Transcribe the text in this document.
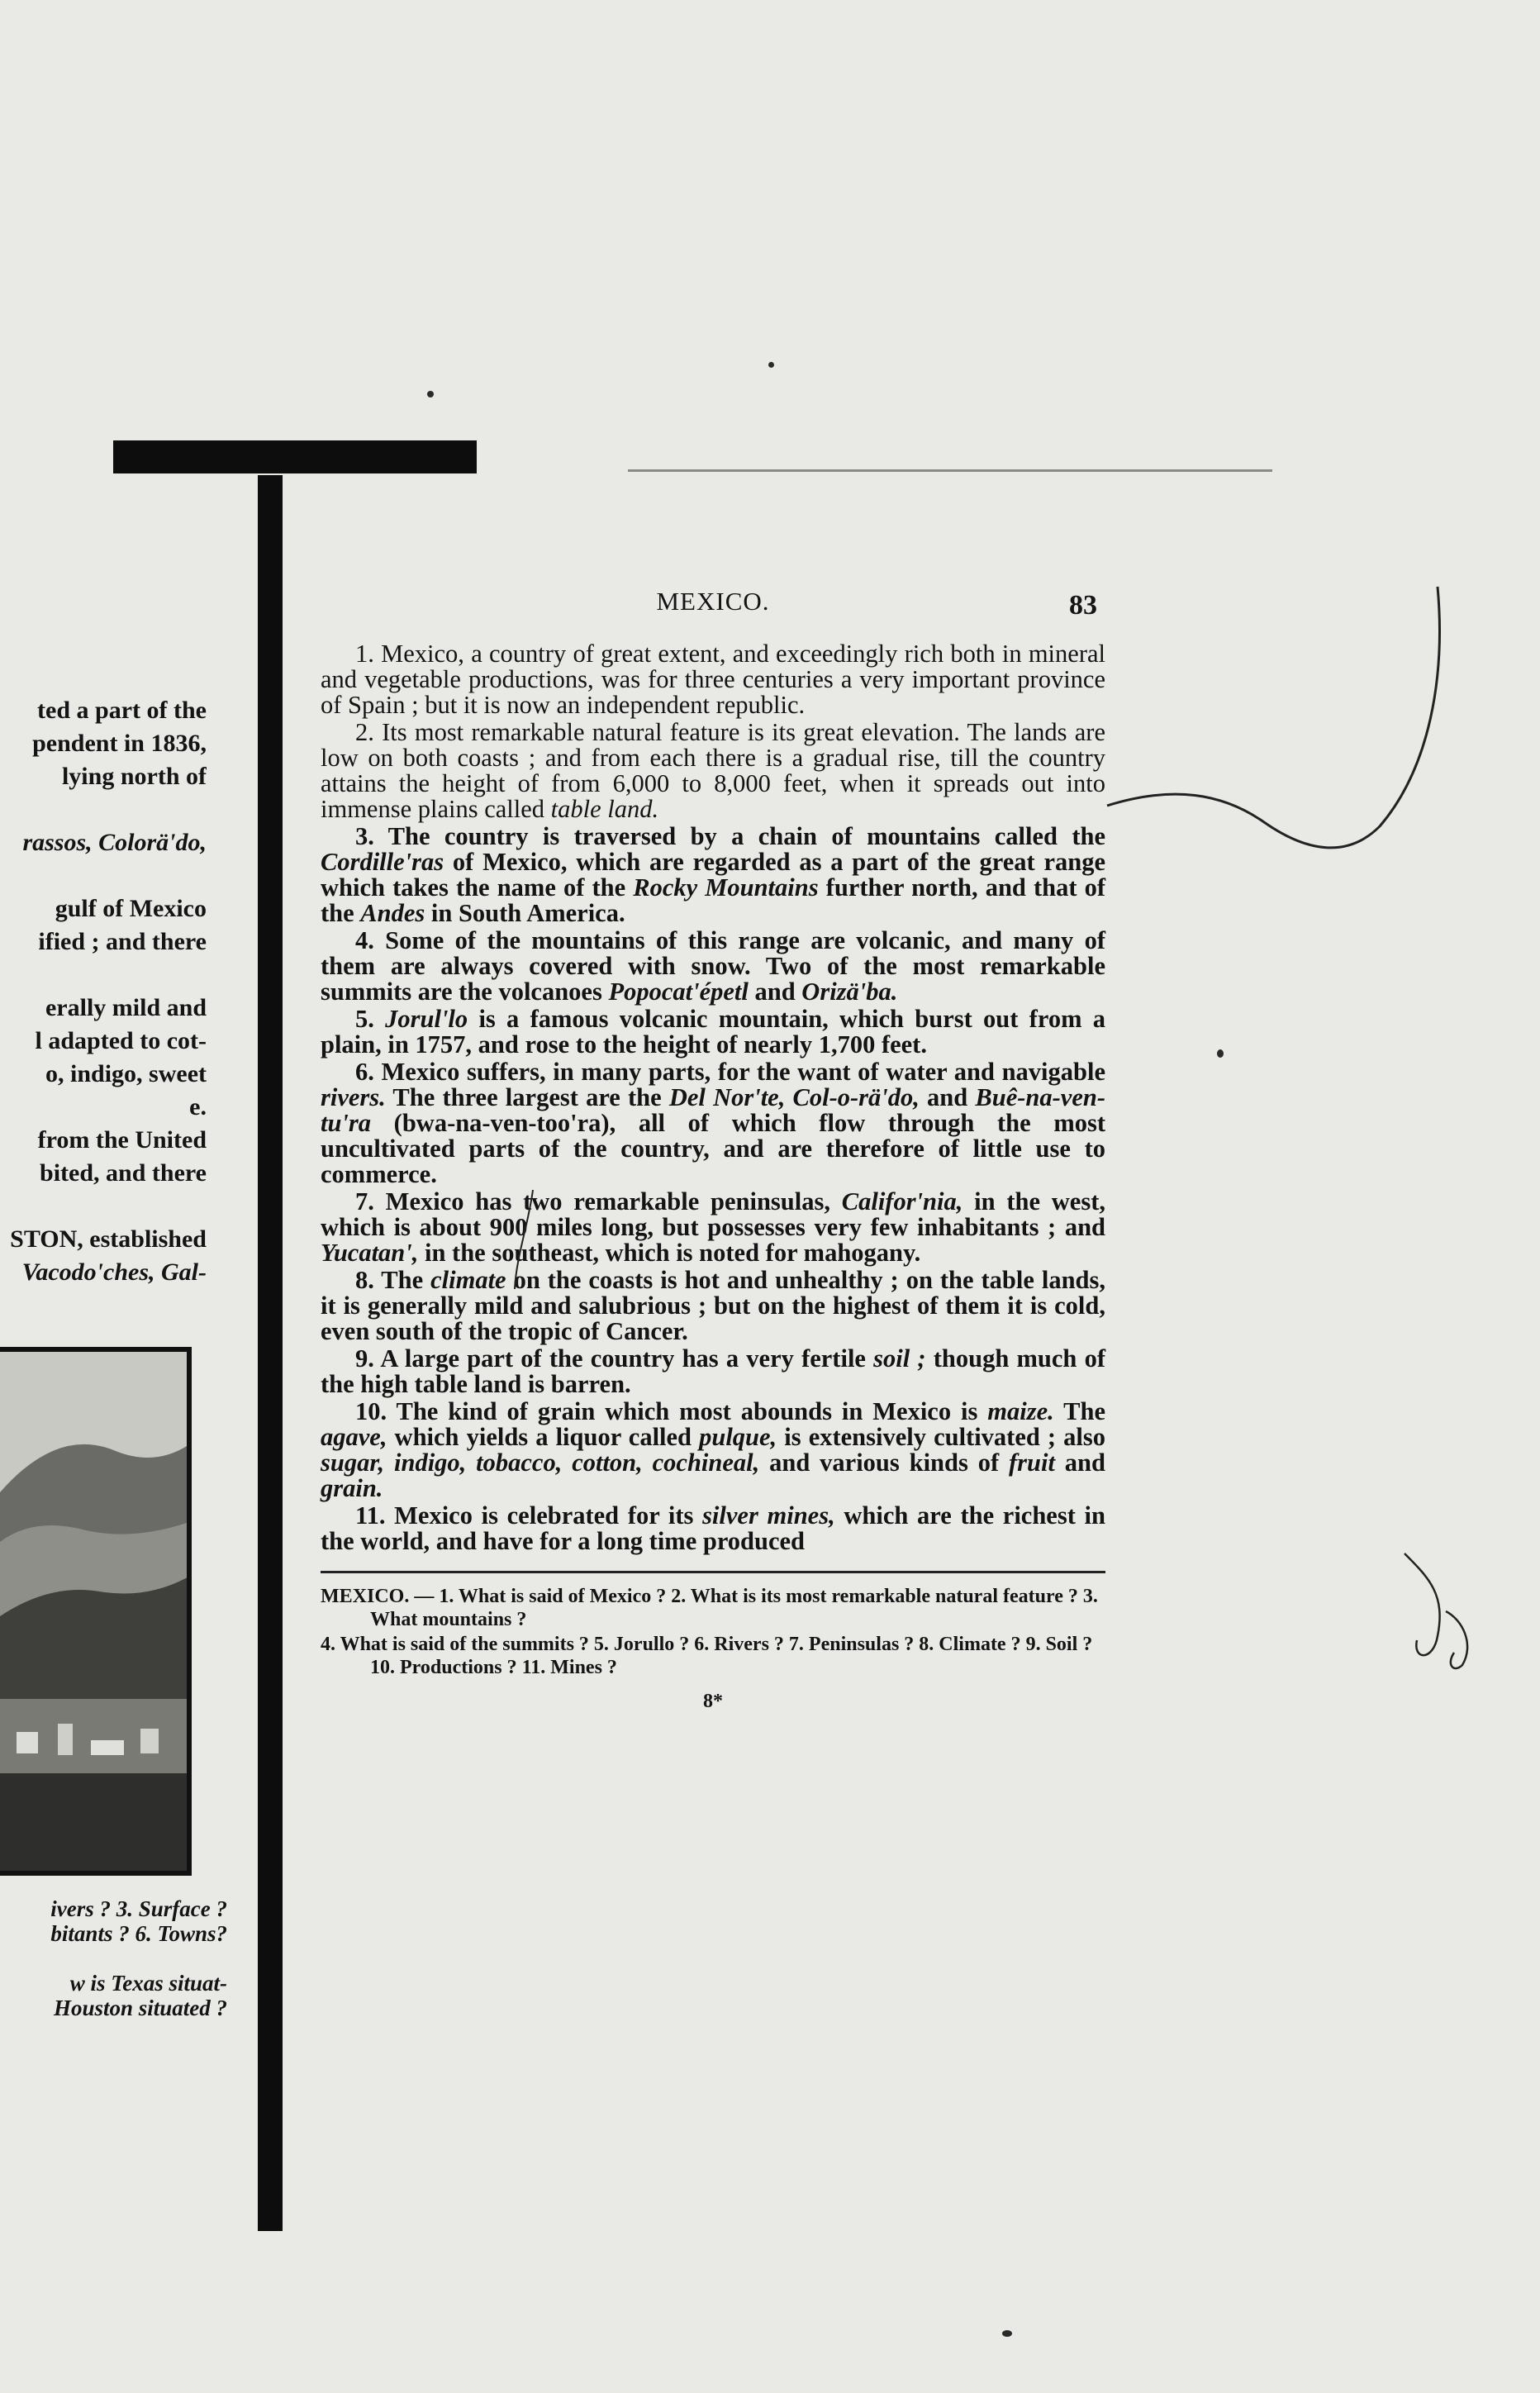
ted a part of the
pendent in 1836,
lying north of
rassos, Colorä'do,
gulf of Mexico
ified ; and there
erally mild and
l adapted to cot-
o, indigo, sweet
e.
from the United
bited, and there
STON, established
Vacodo'ches, Gal-
ivers ? 3. Surface ?
bitants ? 6. Towns?
w is Texas situat-
Houston situated ?
MEXICO.	83

1. Mexico, a country of great extent, and exceedingly rich both in mineral and vegetable productions, was for three centuries a very important province of Spain ; but it is now an independent republic.

2. Its most remarkable natural feature is its great elevation. The lands are low on both coasts ; and from each there is a gradual rise, till the country attains the height of from 6,000 to 8,000 feet, when it spreads out into immense plains called table land.

3. The country is traversed by a chain of mountains called the Cordille'ras of Mexico, which are regarded as a part of the great range which takes the name of the Rocky Mountains further north, and that of the Andes in South America.

4. Some of the mountains of this range are volcanic, and many of them are always covered with snow. Two of the most remarkable summits are the volcanoes Popocat'épetl and Orizä'ba.

5. Jorul'lo is a famous volcanic mountain, which burst out from a plain, in 1757, and rose to the height of nearly 1,700 feet.

6. Mexico suffers, in many parts, for the want of water and navigable rivers. The three largest are the Del Nor'te, Col-o-rä'do, and Buê-na-ven-tu'ra (bwa-na-ven-too'ra), all of which flow through the most uncultivated parts of the country, and are therefore of little use to commerce.

7. Mexico has two remarkable peninsulas, Califor'nia, in the west, which is about 900 miles long, but possesses very few inhabitants ; and Yucatan', in the southeast, which is noted for mahogany.

8. The climate on the coasts is hot and unhealthy ; on the table lands, it is generally mild and salubrious ; but on the highest of them it is cold, even south of the tropic of Cancer.

9. A large part of the country has a very fertile soil ; though much of the high table land is barren.

10. The kind of grain which most abounds in Mexico is maize. The agave, which yields a liquor called pulque, is extensively cultivated ; also sugar, indigo, tobacco, cotton, cochineal, and various kinds of fruit and grain.

11. Mexico is celebrated for its silver mines, which are the richest in the world, and have for a long time produced

MEXICO. — 1. What is said of Mexico ? 2. What is its most remarkable natural feature ? 3. What mountains ?
4. What is said of the summits ? 5. Jorullo ? 6. Rivers ? 7. Peninsulas ? 8. Climate ? 9. Soil ? 10. Productions ? 11. Mines ?
8*
